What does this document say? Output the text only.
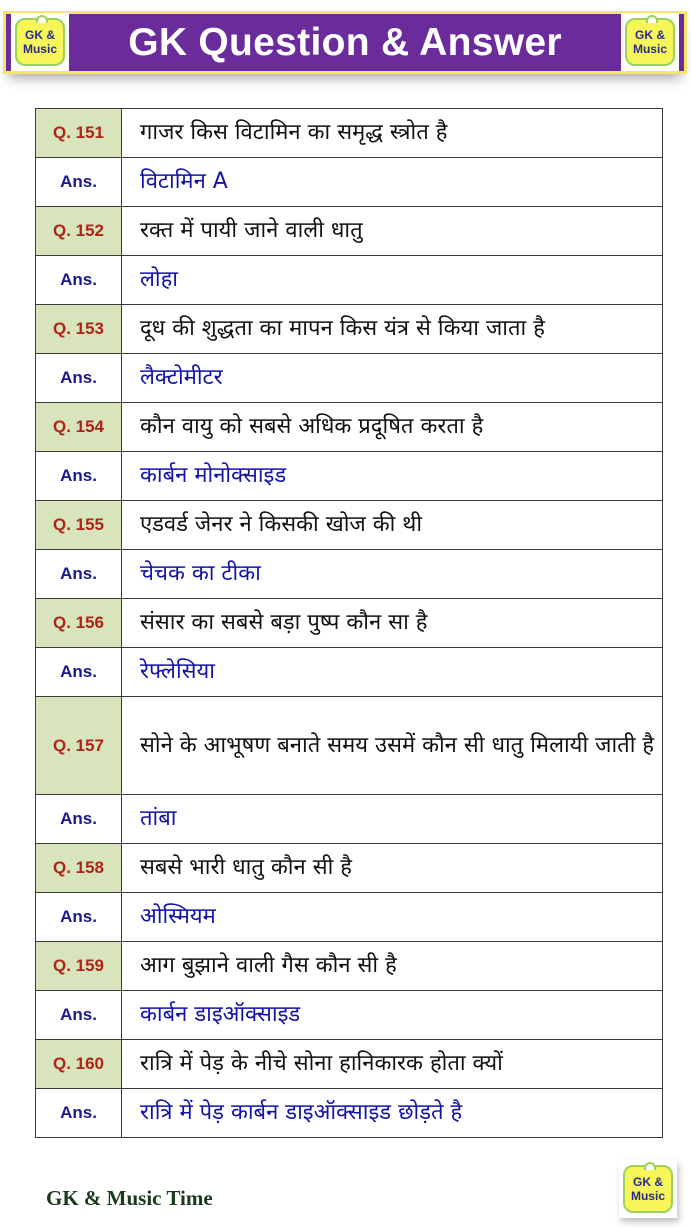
GK Question & Answer
GK &
Music
GK &
Music
Q. 151	गाजर किस विटामिन का समृद्ध स्त्रोत है
Ans.	विटामिन A
Q. 152	रक्त में पायी जाने वाली धातु
Ans.	लोहा
Q. 153	दूध की शुद्धता का मापन किस यंत्र से किया जाता है
Ans.	लैक्टोमीटर
Q. 154	कौन वायु को सबसे अधिक प्रदूषित करता है
Ans.	कार्बन मोनोक्साइड
Q. 155	एडवर्ड जेनर ने किसकी खोज की थी
Ans.	चेचक का टीका
Q. 156	संसार का सबसे बड़ा पुष्प कौन सा है
Ans.	रेफ्लेसिया
Q. 157	सोने के आभूषण बनाते समय उसमें कौन सी धातु मिलायी जाती है
Ans.	तांबा
Q. 158	सबसे भारी धातु कौन सी है
Ans.	ओस्मियम
Q. 159	आग बुझाने वाली गैस कौन सी है
Ans.	कार्बन डाइऑक्साइड
Q. 160	रात्रि में पेड़ के नीचे सोना हानिकारक होता क्यों
Ans.	रात्रि में पेड़ कार्बन डाइऑक्साइड छोड़ते है
GK & Music Time
GK &
Music
